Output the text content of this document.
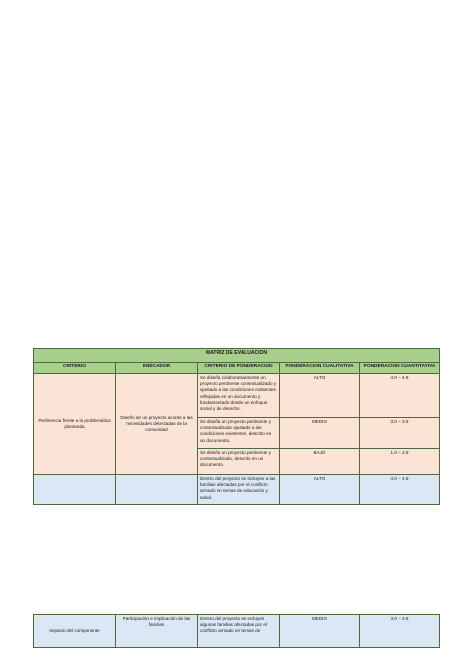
MATRIZ DE EVALUACION				
CRITERIO	INDICADOR	CRITERIO DE PONDERACION	PONDERACION CUALITATIVA	PONDERACION CUANTITATIVA
Pertinencia frente a la problemática planteada	Diseño de un proyecto acorde a las necesidades detectadas de la comunidad	Se diseña colaborativamente un proyecto pertinente contextualizado y ajustado a las condiciones existentes reflejadas en un documento y fundamentado desde un enfoque social y de derecho.	ALTO	4.0 – 4.9
		Se diseña un proyecto pertinente y contextualizado ajustado a las condiciones existentes, descrito en un documento.	MEDIO	3.0 – 3.9
		Se diseña un proyecto pertinente y contextualizado, descrito en un documento.	BAJO	1.0 – 2.9
		Dentro del proyecto se incluyen a las familias afectadas por el conflicto armado en temas de educación y salud.	ALTO	4.0 – 4.9
Impacto del componente	Participación e implicación de las familias	Dentro del proyecto se incluyen algunas familias afectadas por el conflicto armado en temas de	MEDIO	3.0 – 3.9
